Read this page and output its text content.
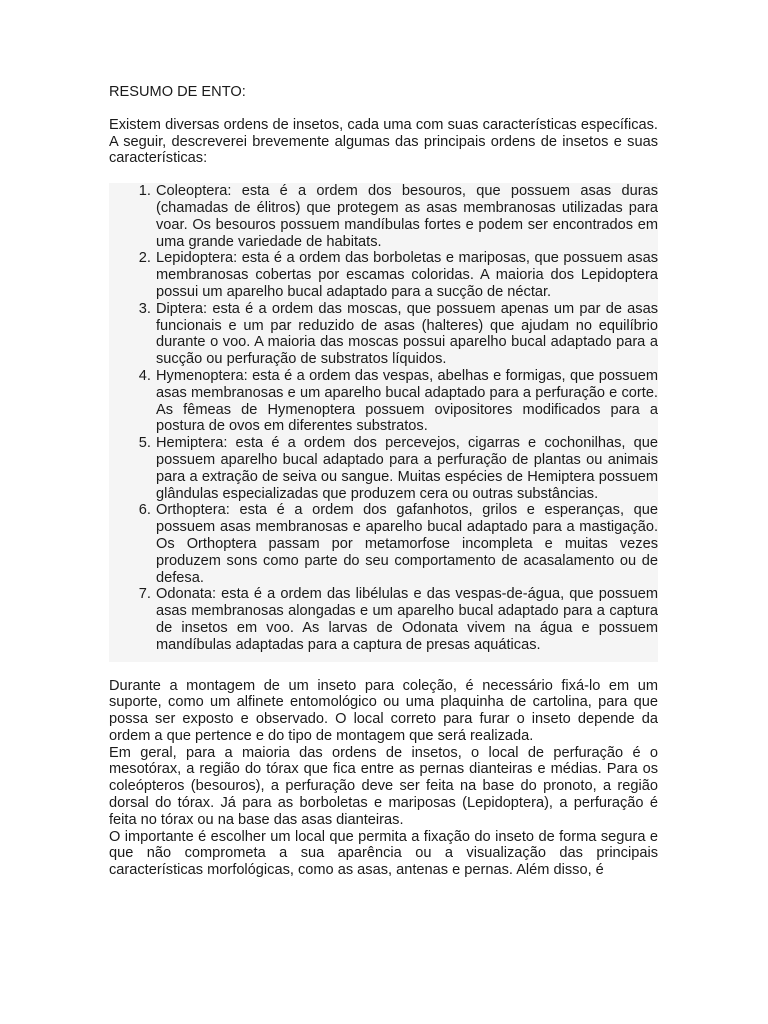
RESUMO DE ENTO:

Existem diversas ordens de insetos, cada uma com suas características específicas. A seguir, descreverei brevemente algumas das principais ordens de insetos e suas características:

1. Coleoptera: esta é a ordem dos besouros, que possuem asas duras (chamadas de élitros) que protegem as asas membranosas utilizadas para voar. Os besouros possuem mandíbulas fortes e podem ser encontrados em uma grande variedade de habitats.
2. Lepidoptera: esta é a ordem das borboletas e mariposas, que possuem asas membranosas cobertas por escamas coloridas. A maioria dos Lepidoptera possui um aparelho bucal adaptado para a sucção de néctar.
3. Diptera: esta é a ordem das moscas, que possuem apenas um par de asas funcionais e um par reduzido de asas (halteres) que ajudam no equilíbrio durante o voo. A maioria das moscas possui aparelho bucal adaptado para a sucção ou perfuração de substratos líquidos.
4. Hymenoptera: esta é a ordem das vespas, abelhas e formigas, que possuem asas membranosas e um aparelho bucal adaptado para a perfuração e corte. As fêmeas de Hymenoptera possuem ovipositores modificados para a postura de ovos em diferentes substratos.
5. Hemiptera: esta é a ordem dos percevejos, cigarras e cochonilhas, que possuem aparelho bucal adaptado para a perfuração de plantas ou animais para a extração de seiva ou sangue. Muitas espécies de Hemiptera possuem glândulas especializadas que produzem cera ou outras substâncias.
6. Orthoptera: esta é a ordem dos gafanhotos, grilos e esperanças, que possuem asas membranosas e aparelho bucal adaptado para a mastigação. Os Orthoptera passam por metamorfose incompleta e muitas vezes produzem sons como parte do seu comportamento de acasalamento ou de defesa.
7. Odonata: esta é a ordem das libélulas e das vespas-de-água, que possuem asas membranosas alongadas e um aparelho bucal adaptado para a captura de insetos em voo. As larvas de Odonata vivem na água e possuem mandíbulas adaptadas para a captura de presas aquáticas.

Durante a montagem de um inseto para coleção, é necessário fixá-lo em um suporte, como um alfinete entomológico ou uma plaquinha de cartolina, para que possa ser exposto e observado. O local correto para furar o inseto depende da ordem a que pertence e do tipo de montagem que será realizada.

Em geral, para a maioria das ordens de insetos, o local de perfuração é o mesotórax, a região do tórax que fica entre as pernas dianteiras e médias. Para os coleópteros (besouros), a perfuração deve ser feita na base do pronoto, a região dorsal do tórax. Já para as borboletas e mariposas (Lepidoptera), a perfuração é feita no tórax ou na base das asas dianteiras.

O importante é escolher um local que permita a fixação do inseto de forma segura e que não comprometa a sua aparência ou a visualização das principais características morfológicas, como as asas, antenas e pernas. Além disso, é
